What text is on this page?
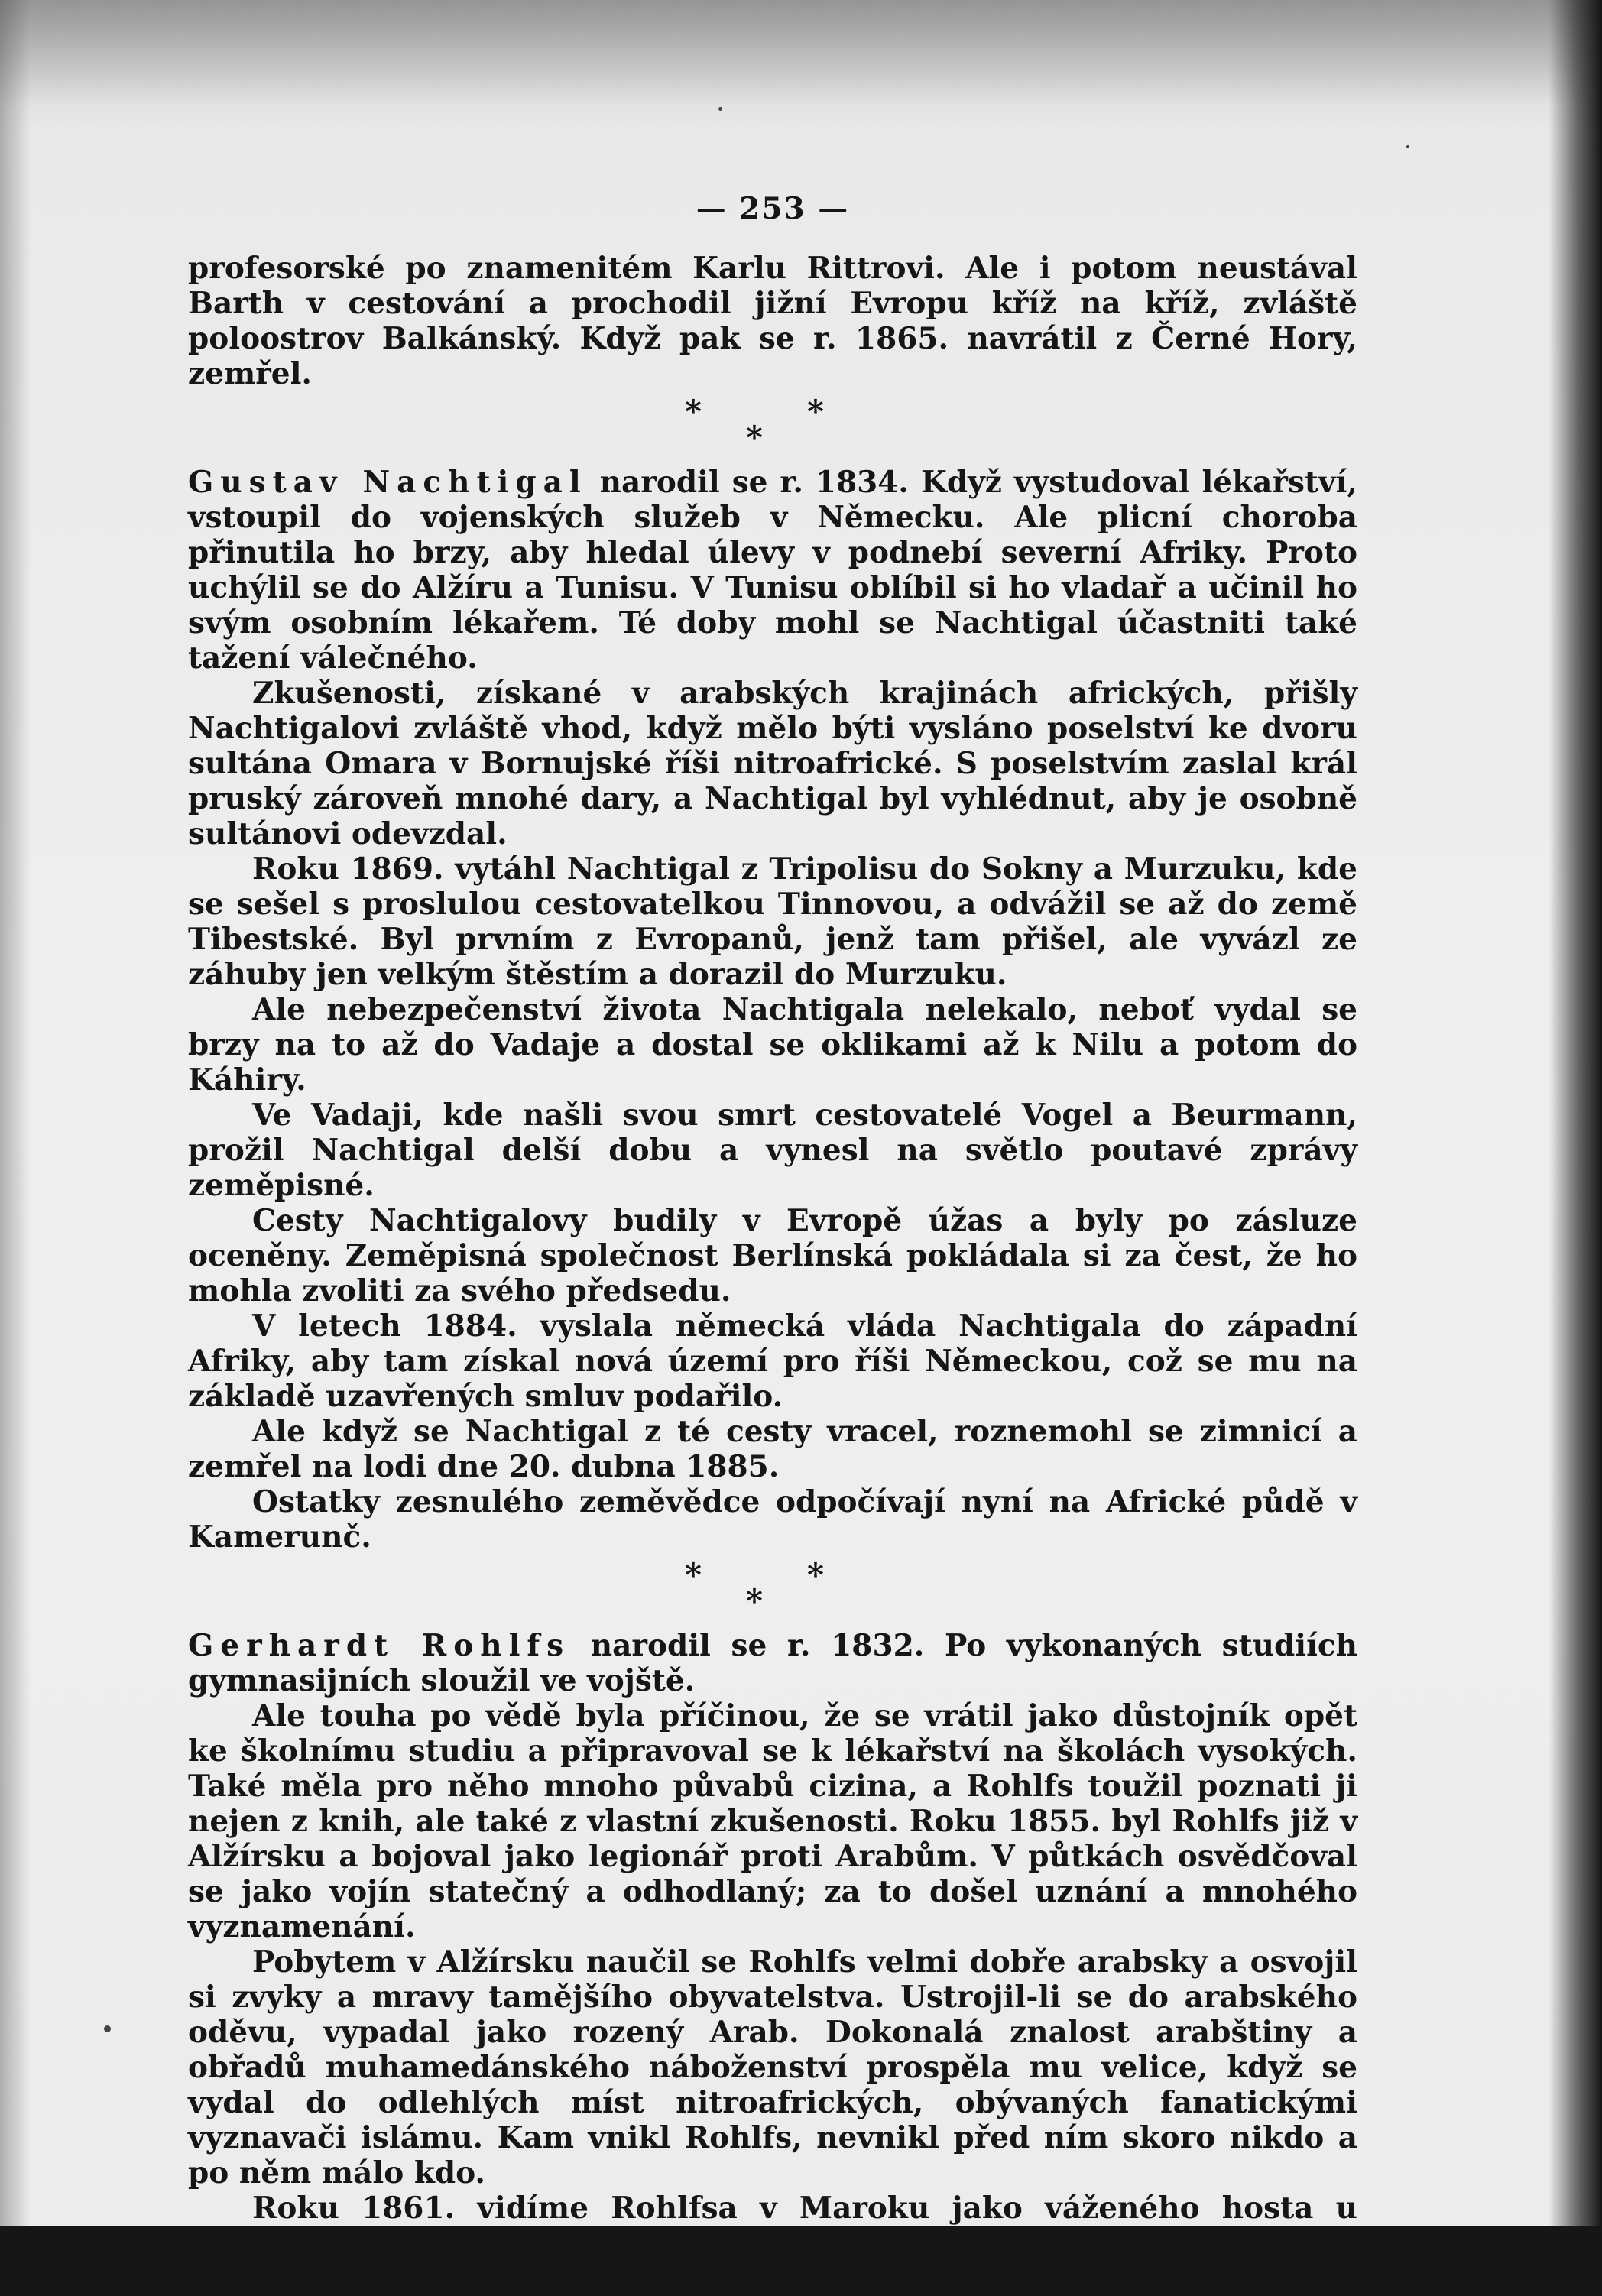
— 253 —

profesorské po znamenitém Karlu Rittrovi. Ale i potom neustával Barth v cestování a prochodil jižní Evropu kříž na kříž, zvláště poloostrov Balkánský. Když pak se r. 1865. navrátil z Černé Hory, zemřel.

*	*
*

Gustav Nachtigal narodil se r. 1834. Když vystudoval lékařství, vstoupil do vojenských služeb v Německu. Ale plicní choroba přinutila ho brzy, aby hledal úlevy v podnebí severní Afriky. Proto uchýlil se do Alžíru a Tunisu. V Tunisu oblíbil si ho vladař a učinil ho svým osobním lékařem. Té doby mohl se Nachtigal účastniti také tažení válečného.

Zkušenosti, získané v arabských krajinách afrických, přišly Nachtigalovi zvláště vhod, když mělo býti vysláno poselství ke dvoru sultána Omara v Bornujské říši nitroafrické. S poselstvím zaslal král pruský zároveň mnohé dary, a Nachtigal byl vyhlédnut, aby je osobně sultánovi odevzdal.

Roku 1869. vytáhl Nachtigal z Tripolisu do Sokny a Murzuku, kde se sešel s proslulou cestovatelkou Tinnovou, a odvážil se až do země Tibestské. Byl prvním z Evropanů, jenž tam přišel, ale vyvázl ze záhuby jen velkým štěstím a dorazil do Murzuku.

Ale nebezpečenství života Nachtigala nelekalo, neboť vydal se brzy na to až do Vadaje a dostal se oklikami až k Nilu a potom do Káhiry.

Ve Vadaji, kde našli svou smrt cestovatelé Vogel a Beurmann, prožil Nachtigal delší dobu a vynesl na světlo poutavé zprávy zeměpisné.

Cesty Nachtigalovy budily v Evropě úžas a byly po zásluze oceněny. Zeměpisná společnost Berlínská pokládala si za čest, že ho mohla zvoliti za svého předsedu.

V letech 1884. vyslala německá vláda Nachtigala do západní Afriky, aby tam získal nová území pro říši Německou, což se mu na základě uzavřených smluv podařilo.

Ale když se Nachtigal z té cesty vracel, roznemohl se zimnicí a zemřel na lodi dne 20. dubna 1885.

Ostatky zesnulého zeměvědce odpočívají nyní na Africké půdě v Kamerunč.

*	*
*

Gerhardt Rohlfs narodil se r. 1832. Po vykonaných studiích gymnasijních sloužil ve vojště.

Ale touha po vědě byla příčinou, že se vrátil jako důstojník opět ke školnímu studiu a připravoval se k lékařství na školách vysokých. Také měla pro něho mnoho půvabů cizina, a Rohlfs toužil poznati ji nejen z knih, ale také z vlastní zkušenosti. Roku 1855. byl Rohlfs již v Alžírsku a bojoval jako legionář proti Arabům. V půtkách osvědčoval se jako vojín statečný a odhodlaný; za to došel uznání a mnohého vyznamenání.

Pobytem v Alžírsku naučil se Rohlfs velmi dobře arabsky a osvojil si zvyky a mravy tamějšího obyvatelstva. Ustrojil-li se do arabského oděvu, vypadal jako rozený Arab. Dokonalá znalost arabštiny a obřadů muhamedánského náboženství prospěla mu velice, když se vydal do odlehlých míst nitroafrických, obývaných fanatickými vyznavači islámu. Kam vnikl Rohlfs, nevnikl před ním skoro nikdo a po něm málo kdo.

Roku 1861. vidíme Rohlfsa v Maroku jako váženého hosta u vznešeného pohlavára Absoloma, ctěného daleko široko jako osoba posvátná. Přízní tohoto
